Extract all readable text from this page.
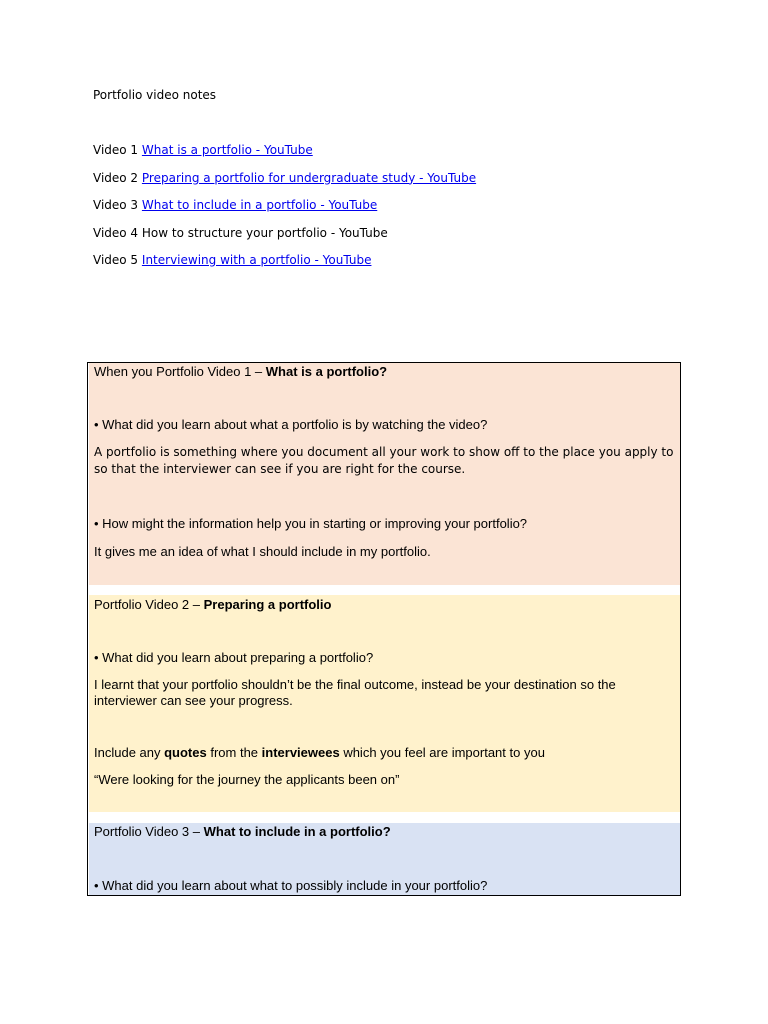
Portfolio video notes
Video 1 What is a portfolio - YouTube
Video 2 Preparing a portfolio for undergraduate study - YouTube
Video 3 What to include in a portfolio - YouTube
Video 4 How to structure your portfolio - YouTube
Video 5 Interviewing with a portfolio - YouTube
When you Portfolio Video 1 – What is a portfolio?
• What did you learn about what a portfolio is by watching the video?
A portfolio is something where you document all your work to show off to the place you apply to so that the interviewer can see if you are right for the course.
• How might the information help you in starting or improving your portfolio?
It gives me an idea of what I should include in my portfolio.
Portfolio Video 2 – Preparing a portfolio
• What did you learn about preparing a portfolio?
I learnt that your portfolio shouldn’t be the final outcome, instead be your destination so the interviewer can see your progress.
Include any quotes from the interviewees which you feel are important to you
“Were looking for the journey the applicants been on”
Portfolio Video 3 – What to include in a portfolio?
• What did you learn about what to possibly include in your portfolio?
